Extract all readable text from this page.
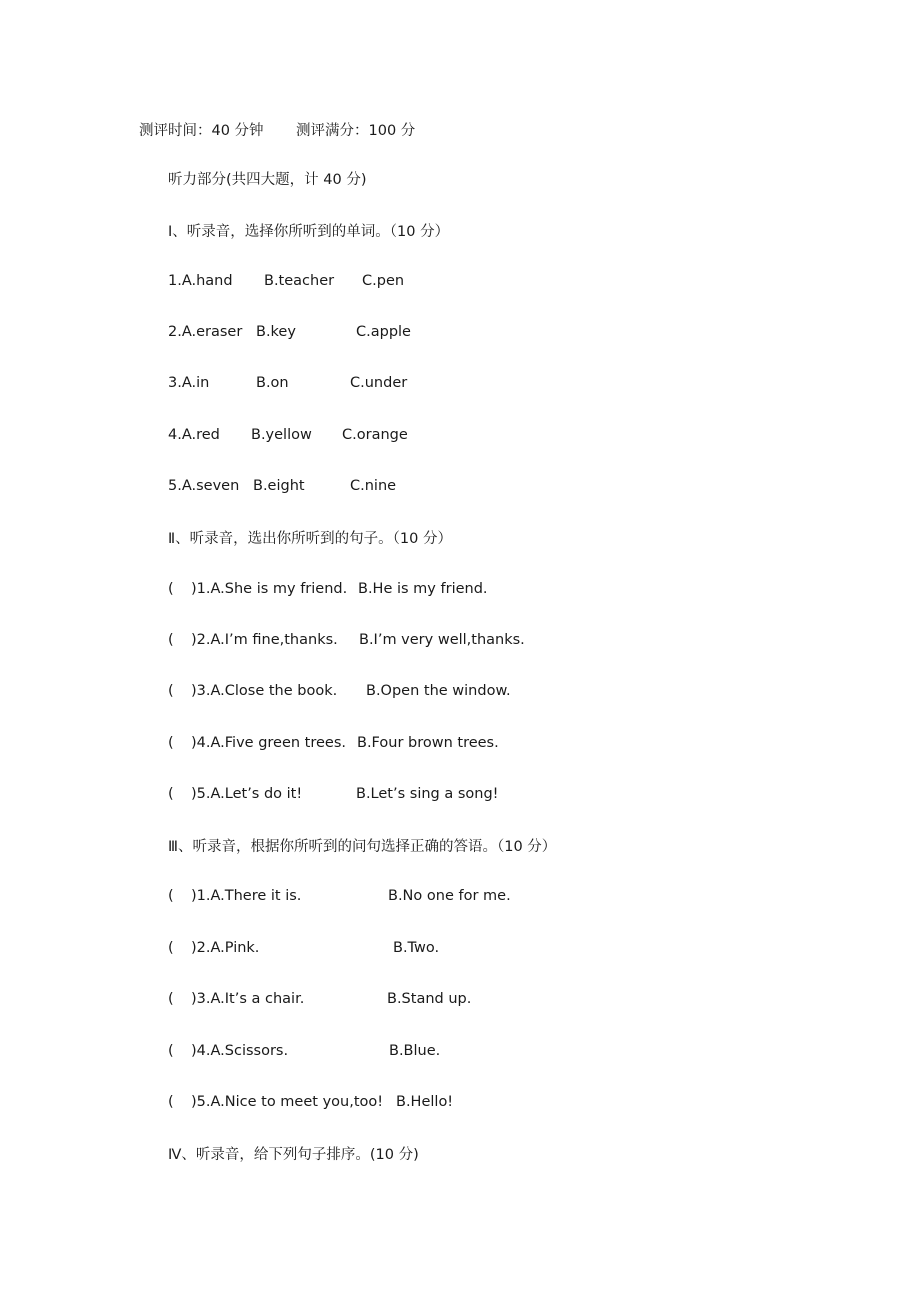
测评时间：40 分钟 测评满分：100 分
听力部分(共四大题，计 40 分)
Ⅰ、听录音，选择你所听到的单词。（10 分）
1.A.hand B.teacher C.pen
2.A.eraser B.key	C.apple
3.A.in	B.on	C.under
4.A.red B.yellow C.orange
5.A.seven B.eight	C.nine
Ⅱ、听录音，选出你所听到的句子。（10 分）
( )1.A.She is my friend. B.He is my friend.
( )2.A.I’m fine,thanks. B.I’m very well,thanks.
( )3.A.Close the book. B.Open the window.
( )4.A.Five green trees. B.Four brown trees.
( )5.A.Let’s do it!	B.Let’s sing a song!
Ⅲ、听录音，根据你所听到的问句选择正确的答语。（10 分）
( )1.A.There it is.	B.No one for me.
( )2.A.Pink.	B.Two.
( )3.A.It’s a chair.	B.Stand up.
( )4.A.Scissors.	B.Blue.
( )5.A.Nice to meet you,too! B.Hello!
Ⅳ、听录音，给下列句子排序。(10 分)
